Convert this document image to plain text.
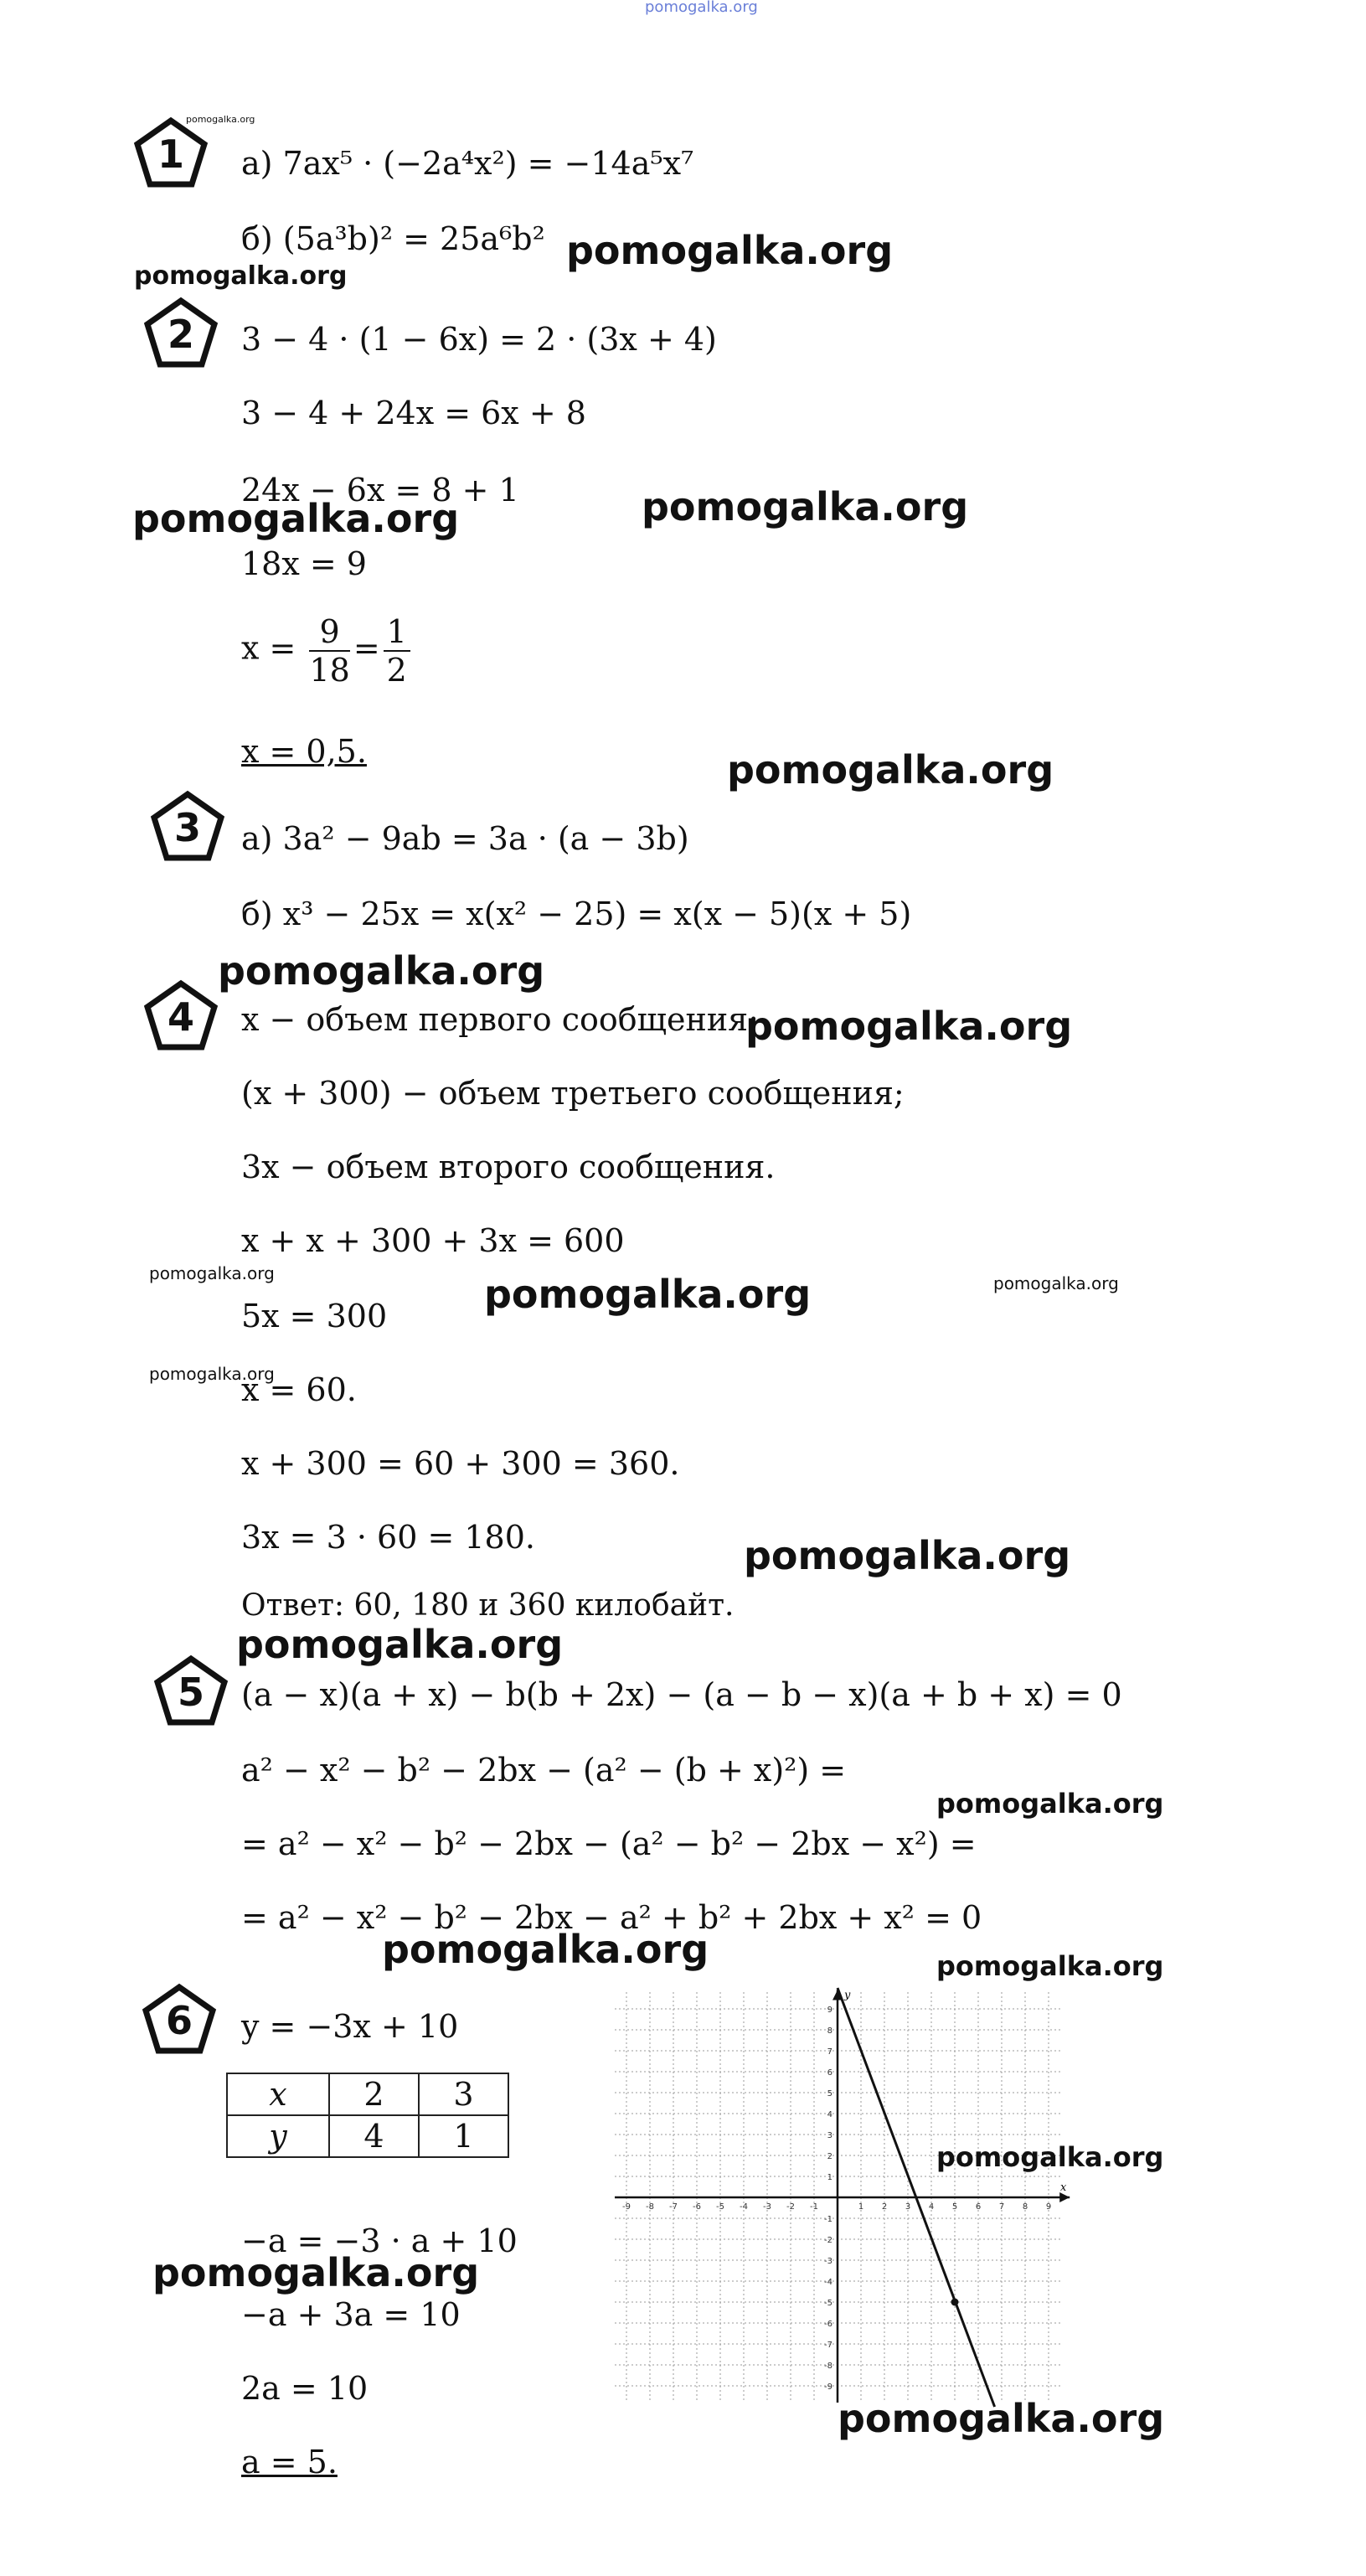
pomogalka.org
1
pomogalka.org
а) 7ax⁵ · (−2a⁴x²) = −14a⁵x⁷
б) (5a³b)² = 25a⁶b² pomogalka.org
pomogalka.org
2	3 − 4 · (1 − 6x) = 2 · (3x + 4)
3 − 4 + 24x = 6x + 8
24x − 6x = 8 + 1
pomogalka.org	pomogalka.org
18x = 9
$x = \frac{9}{18} = \frac{1}{2}$
x = 0,5.	pomogalka.org
3	а) 3a² − 9ab = 3a · (a − 3b)
б) x³ − 25x = x(x² − 25) = x(x − 5)(x + 5)
pomogalka.org
4	x − объем первого сообщения;
pomogalka.org
(x + 300) − объем третьего сообщения;
3x − объем второго сообщения.
x + x + 300 + 3x = 600
pomogalka.org	pomogalka.org	pomogalka.org
5x = 300
pomogalka.org
x = 60.
x + 300 = 60 + 300 = 360.
3x = 3 · 60 = 180.	pomogalka.org
Ответ: 60, 180 и 360 килобайт.
pomogalka.org
5	(a − x)(a + x) − b(b + 2x) − (a − b − x)(a + b + x) = 0
a² − x² − b² − 2bx − (a² − (b + x)²) =
pomogalka.org
= a² − x² − b² − 2bx − (a² − b² − 2bx − x²) =
= a² − x² − b² − 2bx − a² + b² + 2bx + x² = 0
pomogalka.org	pomogalka.org
6	y = −3x + 10
x	2	3
y	4	1
−a = −3 · a + 10
pomogalka.org
−a + 3a = 10
2a = 10
a = 5.
x
y
-9 -8 -7 -6 -5 -4 -3 -2 -1	1 2 3 4 5 6 7 8 9
9
8
7
6
5
4
3
2
1
-1
-2
-3
-4
-5
-6
-7
-8
-9
pomogalka.org
pomogalka.org
